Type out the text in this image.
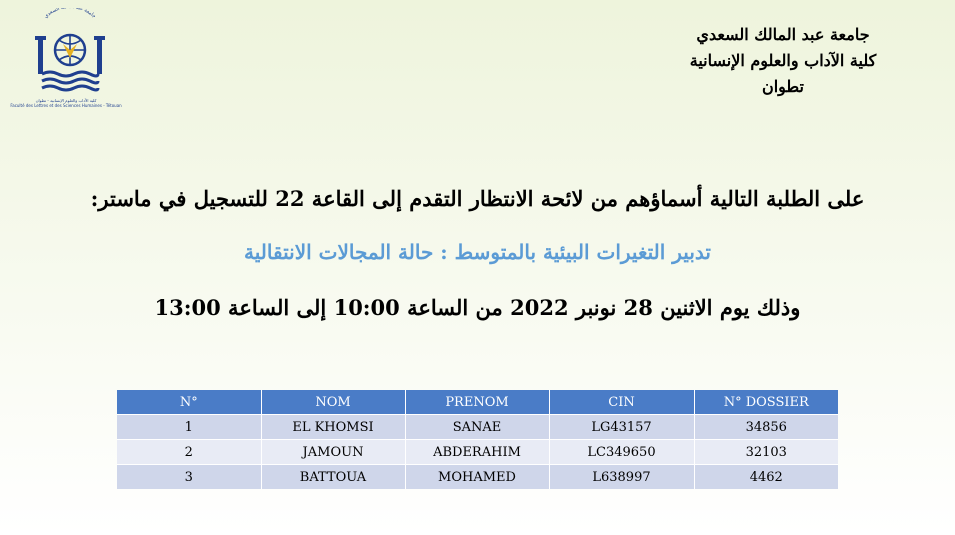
جامعة عب السعدي
كلية الآداب والعلوم الإنسانية - تطوان
Faculté des Lettres et des Sciences Humaines - Tétouan
جامعة عبد المالك السعدي
كلية الآداب والعلوم الإنسانية
تطوان
على الطلبة التالية أسماؤهم من لائحة الانتظار التقدم إلى القاعة 22 للتسجيل في ماستر:
تدبير التغيرات البيئية بالمتوسط : حالة المجالات الانتقالية
وذلك يوم الاثنين 28 نونبر 2022 من الساعة 10:00 إلى الساعة 13:00
N°	NOM	PRENOM	CIN	N° DOSSIER
1	EL KHOMSI	SANAE	LG43157	34856
2	JAMOUN	ABDERAHIM	LC349650	32103
3	BATTOUA	MOHAMED	L638997	4462
